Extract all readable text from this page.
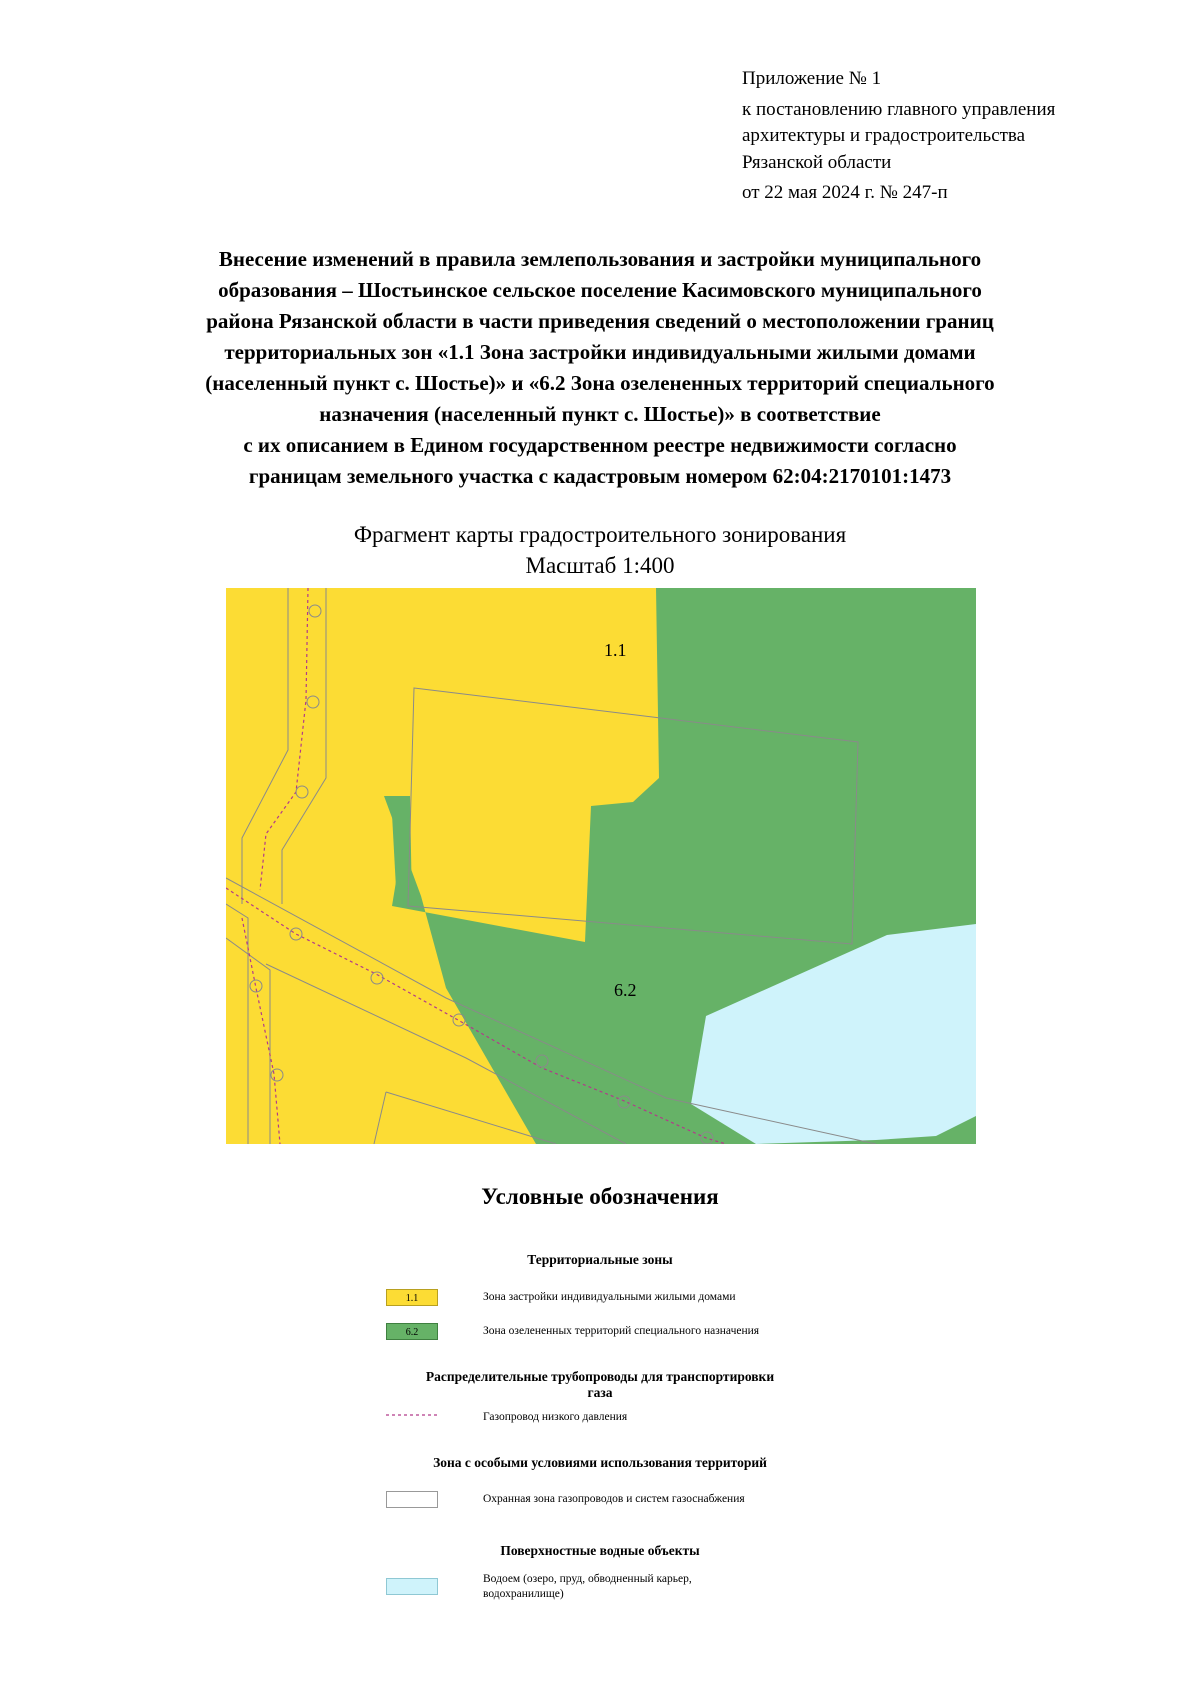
Приложение № 1
к постановлению главного управления
архитектуры и градостроительства
Рязанской области
от 22 мая 2024 г. № 247-п
Внесение изменений в правила землепользования и застройки муниципального
образования – Шостьинское сельское поселение Касимовского муниципального
района Рязанской области в части приведения сведений о местоположении границ
территориальных зон «1.1 Зона застройки индивидуальными жилыми домами
(населенный пункт с. Шостье)» и «6.2 Зона озелененных территорий специального
назначения (населенный пункт с. Шостье)» в соответствие
с их описанием в Едином государственном реестре недвижимости согласно
границам земельного участка с кадастровым номером 62:04:2170101:1473
Фрагмент карты градостроительного зонирования
Масштаб 1:400
1.1
6.2
Условные обозначения
Территориальные зоны
1.1	Зона застройки индивидуальными жилыми домами
6.2	Зона озелененных территорий специального назначения
Распределительные трубопроводы для транспортировки
газа
Газопровод низкого давления
Зона с особыми условиями использования территорий
Охранная зона газопроводов и систем газоснабжения
Поверхностные водные объекты
Водоем (озеро, пруд, обводненный карьер,
водохранилище)
